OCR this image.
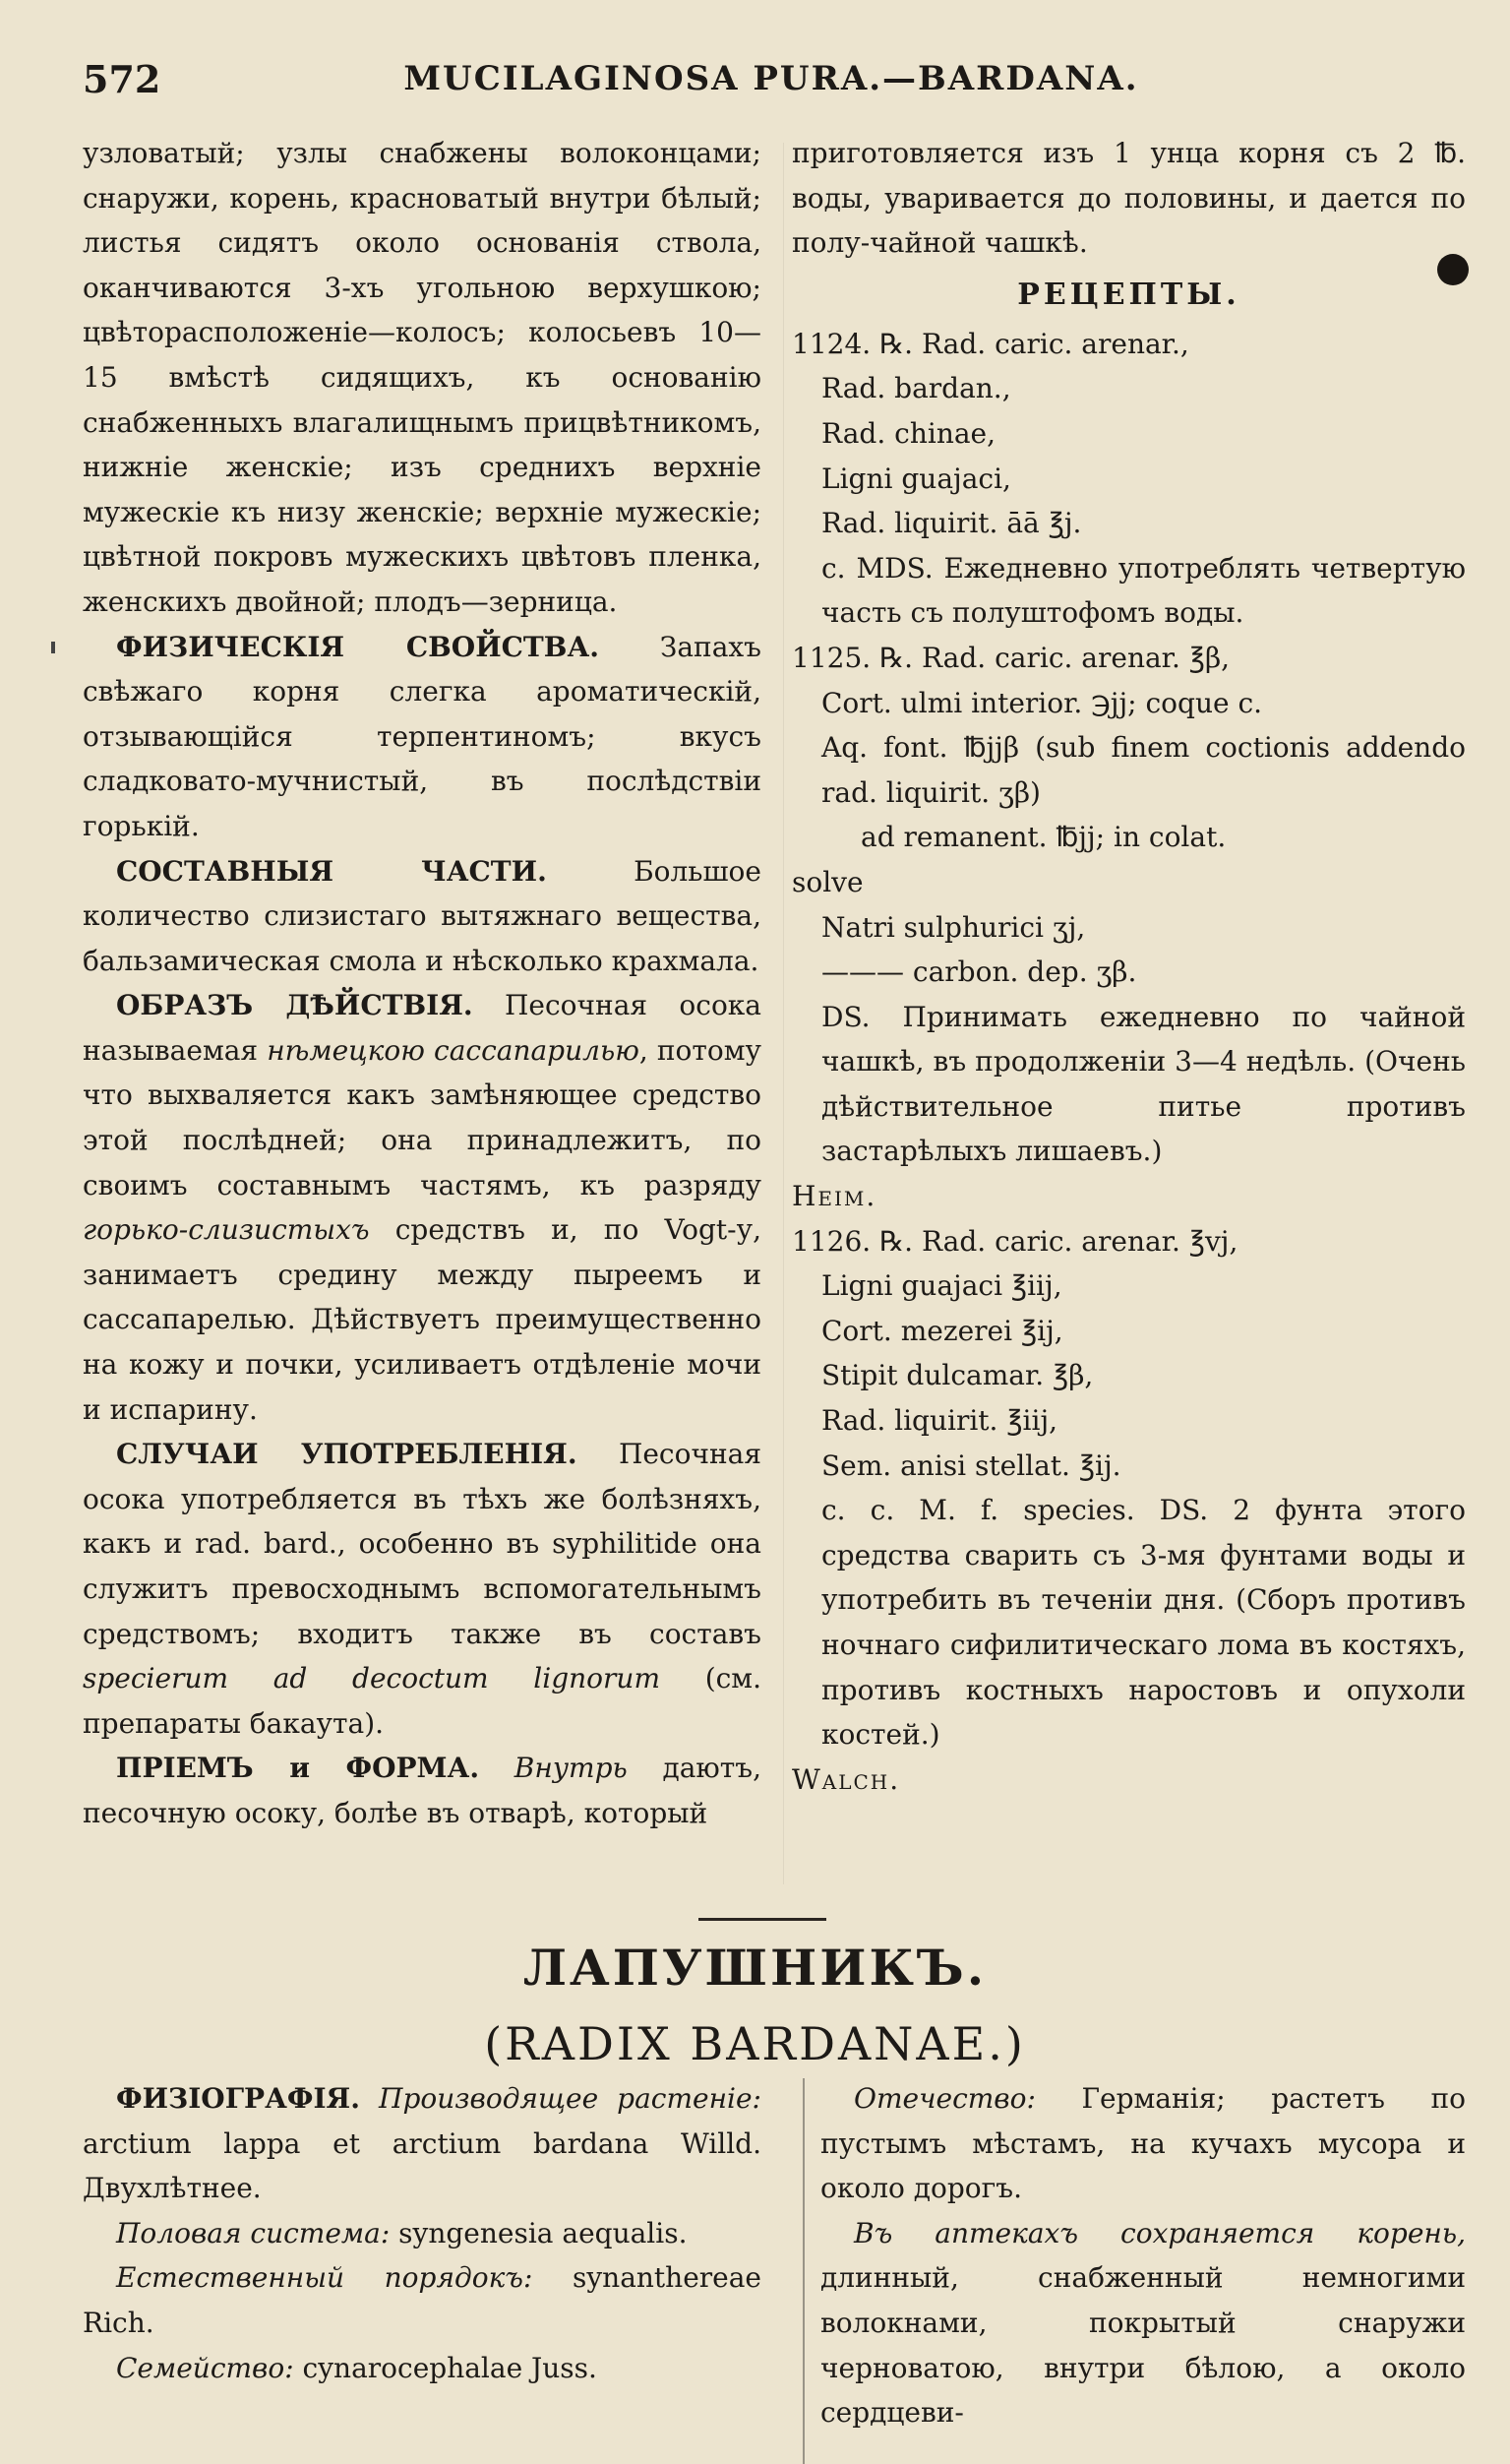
572	MUCILAGINOSA PURA.—BARDANA.

узловатый; узлы снабжены волоконцами; снаружи, корень, красноватый внутри бѣлый; листья сидятъ около основанія ствола, оканчиваются 3-хъ угольною верхушкою; цвѣторасположеніе—колосъ; колосьевъ 10—15 вмѣстѣ сидящихъ, къ основанію снабженныхъ влагалищнымъ прицвѣтникомъ, нижніе женскіе; изъ среднихъ верхніе мужескіе къ низу женскіе; верхніе мужескіе; цвѣтной покровъ мужескихъ цвѣтовъ пленка, женскихъ двойной; плодъ—зерница.

ФИЗИЧЕСКІЯ СВОЙСТВА. Запахъ свѣжаго корня слегка ароматическій, отзывающійся терпентиномъ; вкусъ сладковато-мучнистый, въ послѣдствіи горькій.

СОСТАВНЫЯ ЧАСТИ.	Большое количество слизистаго вытяжнаго вещества, бальзамическая смола и нѣсколько крахмала.

ОБРАЗЪ ДѢЙСТВІЯ. Песочная осока называемая нѣмецкою сассапарилью, потому что выхваляется какъ замѣняющее средство этой послѣдней; она принадлежитъ, по своимъ составнымъ частямъ, къ разряду горько-слизистыхъ средствъ и, по Vogt-у, занимаетъ средину между пыреемъ и сассапарелью. Дѣйствуетъ преимущественно на кожу и почки, усиливаетъ отдѣленіе мочи и испарину.

СЛУЧАИ УПОТРЕБЛЕНІЯ. Песочная осока употребляется въ тѣхъ же болѣзняхъ, какъ и rad. bard., особенно въ syphilitide она служитъ превосходнымъ вспомогательнымъ средствомъ; входитъ также въ составъ specierum ad decoctum lignorum (см. препараты бакаута).

ПРІЕМЪ и ФОРМА. Внутрь даютъ, песочную осоку, болѣе въ отварѣ, который

приготовляется изъ 1 унца корня съ 2 ℔. воды, уваривается до половины, и дается по полу-чайной чашкѣ.

РЕЦЕПТЫ.

1124. ℞. Rad. caric. arenar.,

Rad. bardan.,

Rad. chinae,

Ligni guajaci,

Rad. liquirit. āā ℥j.

c. MDS. Ежедневно употреблять четвертую часть съ полуштофомъ воды.

1125. ℞. Rad. caric. arenar. ℥β,

Cort. ulmi interior. ℈jj; coque c.

Aq. font. ℔jjβ (sub finem coctionis addendo rad. liquirit. ʒβ)

ad remanent. ℔jj; in colat.

solve

Natri sulphurici ʒj,

——— carbon. dep. ʒβ.

DS. Принимать ежедневно по чайной чашкѣ, въ продолженіи 3—4 недѣль. (Очень дѣйствительное питье противъ застарѣлыхъ лишаевъ.)

Heim.

1126. ℞. Rad. caric. arenar. ℥vj,

Ligni guajaci ℥iij,

Cort. mezerei ℥ij,

Stipit dulcamar. ℥β,

Rad. liquirit. ℥iij,

Sem. anisi stellat. ℥ij.

c. c. M. f. species. DS. 2 фунта этого средства сварить съ 3-мя фунтами воды и употребить въ теченіи дня. (Сборъ противъ ночнаго сифилитическаго лома въ костяхъ, противъ костныхъ наростовъ и опухоли костей.)

Walch.

ЛАПУШНИКЪ.
(RADIX BARDANAE.)

ФИЗІОГРАФІЯ. Производящее растеніе: arctium lappa et arctium bardana Willd. Двухлѣтнее.

Половая система: syngenesia aequalis.

Естественный порядокъ: synanthereae Rich.

Семейство: cynarocephalae Juss.

Отечество: Германія; растетъ по пустымъ мѣстамъ, на кучахъ мусора и около дорогъ.

Въ аптекахъ сохраняется корень, длинный, снабженный немногими волокнами, покрытый снаружи черноватою, внутри бѣлою, а около сердцеви-
